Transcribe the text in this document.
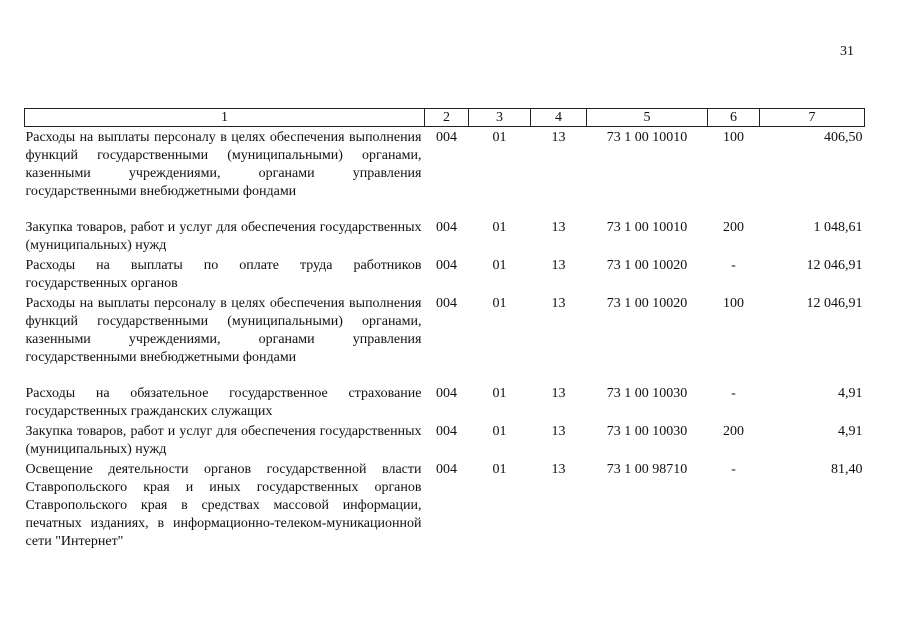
31
1	2	3	4	5	6	7
Расходы на выплаты персоналу в целях обеспечения выполнения функций государственными (муниципальными) органами, казенными учреждениями, органами управления государственными внебюджетными фондами	004	01	13	73 1 00 10010	100	406,50
Закупка товаров, работ и услуг для обеспечения государственных (муниципальных) нужд	004	01	13	73 1 00 10010	200	1 048,61
Расходы на выплаты по оплате труда работников государственных органов	004	01	13	73 1 00 10020	-	12 046,91
Расходы на выплаты персоналу в целях обеспечения выполнения функций государственными (муниципальными) органами, казенными учреждениями, органами управления государственными внебюджетными фондами	004	01	13	73 1 00 10020	100	12 046,91
Расходы на обязательное государственное страхование государственных гражданских служащих	004	01	13	73 1 00 10030	-	4,91
Закупка товаров, работ и услуг для обеспечения государственных (муниципальных) нужд	004	01	13	73 1 00 10030	200	4,91
Освещение деятельности органов государственной власти Ставропольского края и иных государственных органов Ставропольского края в средствах массовой информации, печатных изданиях, в информационно-телеком-муникационной сети "Интернет"	004	01	13	73 1 00 98710	-	81,40
